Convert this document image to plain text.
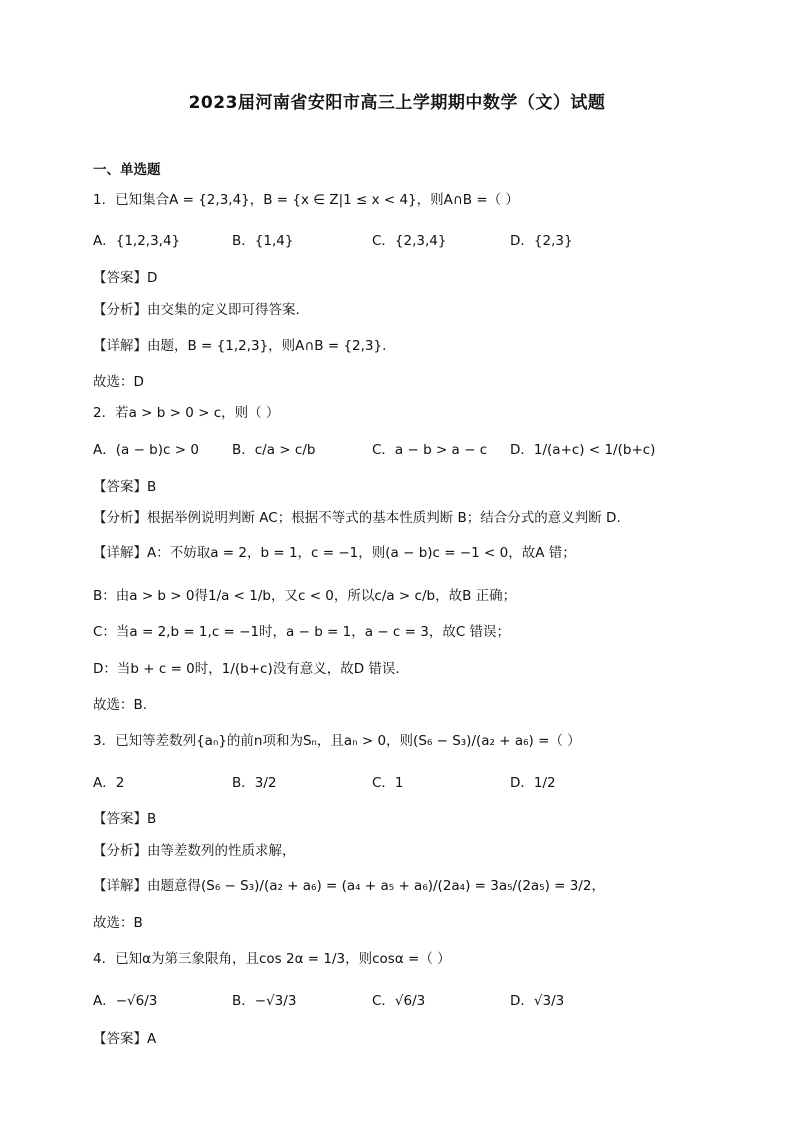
2023届河南省安阳市高三上学期期中数学（文）试题
一、单选题
1．已知集合A = {2,3,4}，B = {x ∈ Z|1 ≤ x < 4}，则A∩B =（ ）
A．{1,2,3,4}	B．{1,4}	C．{2,3,4}	D．{2,3}
【答案】D
【分析】由交集的定义即可得答案.
【详解】由题，B = {1,2,3}，则A∩B = {2,3}.
故选：D
2．若a > b > 0 > c，则（ ）
A．(a − b)c > 0 B．c/a > c/b	C．a − b > a − c D．1/(a+c) < 1/(b+c)
【答案】B
【分析】根据举例说明判断 AC；根据不等式的基本性质判断 B；结合分式的意义判断 D.
【详解】A：不妨取a = 2，b = 1，c = −1，则(a − b)c = −1 < 0，故A 错；
B：由a > b > 0得1/a < 1/b，又c < 0，所以c/a > c/b，故B 正确；
C：当a = 2,b = 1,c = −1时，a − b = 1，a − c = 3，故C 错误；
D：当b + c = 0时，1/(b+c)没有意义，故D 错误.
故选：B.
3．已知等差数列{aₙ}的前n项和为Sₙ，且aₙ > 0，则(S₆ − S₃)/(a₂ + a₆) =（ ）
A．2	B．3/2	C．1	D．1/2
【答案】B
【分析】由等差数列的性质求解，
【详解】由题意得(S₆ − S₃)/(a₂ + a₆) = (a₄ + a₅ + a₆)/(2a₄) = 3a₅/(2a₅) = 3/2，
故选：B
4．已知α为第三象限角，且cos 2α = 1/3，则cosα =（ ）
A．−√6/3	B．−√3/3	C．√6/3	D．√3/3
【答案】A
